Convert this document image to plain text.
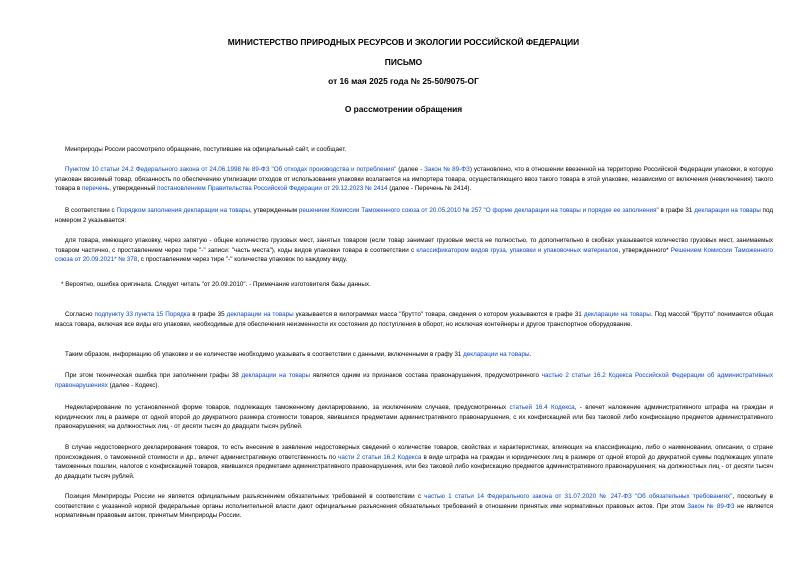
МИНИСТЕРСТВО ПРИРОДНЫХ РЕСУРСОВ И ЭКОЛОГИИ РОССИЙСКОЙ ФЕДЕРАЦИИ
ПИСЬМО
от 16 мая 2025 года № 25-50/9075-ОГ
О рассмотрении обращения

Минприроды России рассмотрело обращение, поступившее на официальный сайт, и сообщает.

Пунктом 10 статьи 24.2 Федерального закона от 24.06.1998 № 89-ФЗ "Об отходах производства и потребления" (далее - Закон № 89-ФЗ) установлено, что в отношении ввезенной на территорию Российской Федерации упаковки, в которую упакован ввозимый товар, обязанность по обеспечению утилизации отходов от использования упаковки возлагается на импортера товара, осуществляющего ввоз такого товара в этой упаковке, независимо от включения (невключения) такого товара в перечень, утвержденный постановлением Правительства Российской Федерации от 29.12.2023 № 2414 (далее - Перечень № 2414).

В соответствии с Порядком заполнения декларации на товары, утвержденным решением Комиссии Таможенного союза от 20.05.2010 № 257 "О форме декларации на товары и порядке ее заполнения" в графе 31 декларации на товары под номером 2 указывается:

для товара, имеющего упаковку, через запятую - общее количество грузовых мест, занятых товаром (если товар занимает грузовые места не полностью, то дополнительно в скобках указывается количество грузовых мест, занимаемых товаром частично, с проставлением через тире "-" записи: "часть места"), коды видов упаковки товара в соответствии с классификатором видов груза, упаковки и упаковочных материалов, утвержденного* Решением Комиссии Таможенного союза от 20.09.2021* № 378, с проставлением через тире "-" количества упаковок по каждому виду.

* Вероятно, ошибка оригинала. Следует читать "от 20.09.2010". - Примечание изготовителя базы данных.

Согласно подпункту 33 пункта 15 Порядка в графе 35 декларации на товары указывается в килограммах масса "брутто" товара, сведения о котором указываются в графе 31 декларации на товары. Под массой "брутто" понимается общая масса товара, включая все виды его упаковки, необходимые для обеспечения неизменности их состояния до поступления в оборот, но исключая контейнеры и другое транспортное оборудование.

Таким образом, информацию об упаковке и ее количестве необходимо указывать в соответствии с данными, включенными в графу 31 декларации на товары.

При этом техническая ошибка при заполнении графы 38 декларации на товары является одним из признаков состава правонарушения, предусмотренного частью 2 статьи 16.2 Кодекса Российской Федерации об административных правонарушениях (далее - Кодекс).

Недекларирование по установленной форме товаров, подлежащих таможенному декларированию, за исключением случаев, предусмотренных статьей 16.4 Кодекса, - влечет наложение административного штрафа на граждан и юридических лиц в размере от одной второй до двукратного размера стоимости товаров, явившихся предметами административного правонарушения, с их конфискацией или без таковой либо конфискацию предметов административного правонарушения; на должностных лиц - от десяти тысяч до двадцати тысяч рублей.

В случае недостоверного декларирования товаров, то есть внесение в заявление недостоверных сведений о количестве товаров, свойствах и характеристиках, влияющих на классификацию, либо о наименовании, описании, о стране происхождения, о таможенной стоимости и др., влечет административную ответственность по части 2 статьи 16.2 Кодекса в виде штрафа на граждан и юридических лиц в размере от одной второй до двукратной суммы подлежащих уплате таможенных пошлин, налогов с конфискацией товаров, явившихся предметами административного правонарушения, или без таковой либо конфискацию предметов административного правонарушения; на должностных лиц - от десяти тысяч до двадцати тысяч рублей.

Позиция Минприроды России не является официальным разъяснением обязательных требований в соответствии с частью 1 статьи 14 Федерального закона от 31.07.2020 № 247-ФЗ "Об обязательных требованиях", поскольку в соответствии с указанной нормой федеральные органы исполнительной власти дают официальные разъяснения обязательных требований в отношении принятых ими нормативных правовых актов. При этом Закон № 89-ФЗ не является нормативным правовым актом, принятым Минприроды России.
